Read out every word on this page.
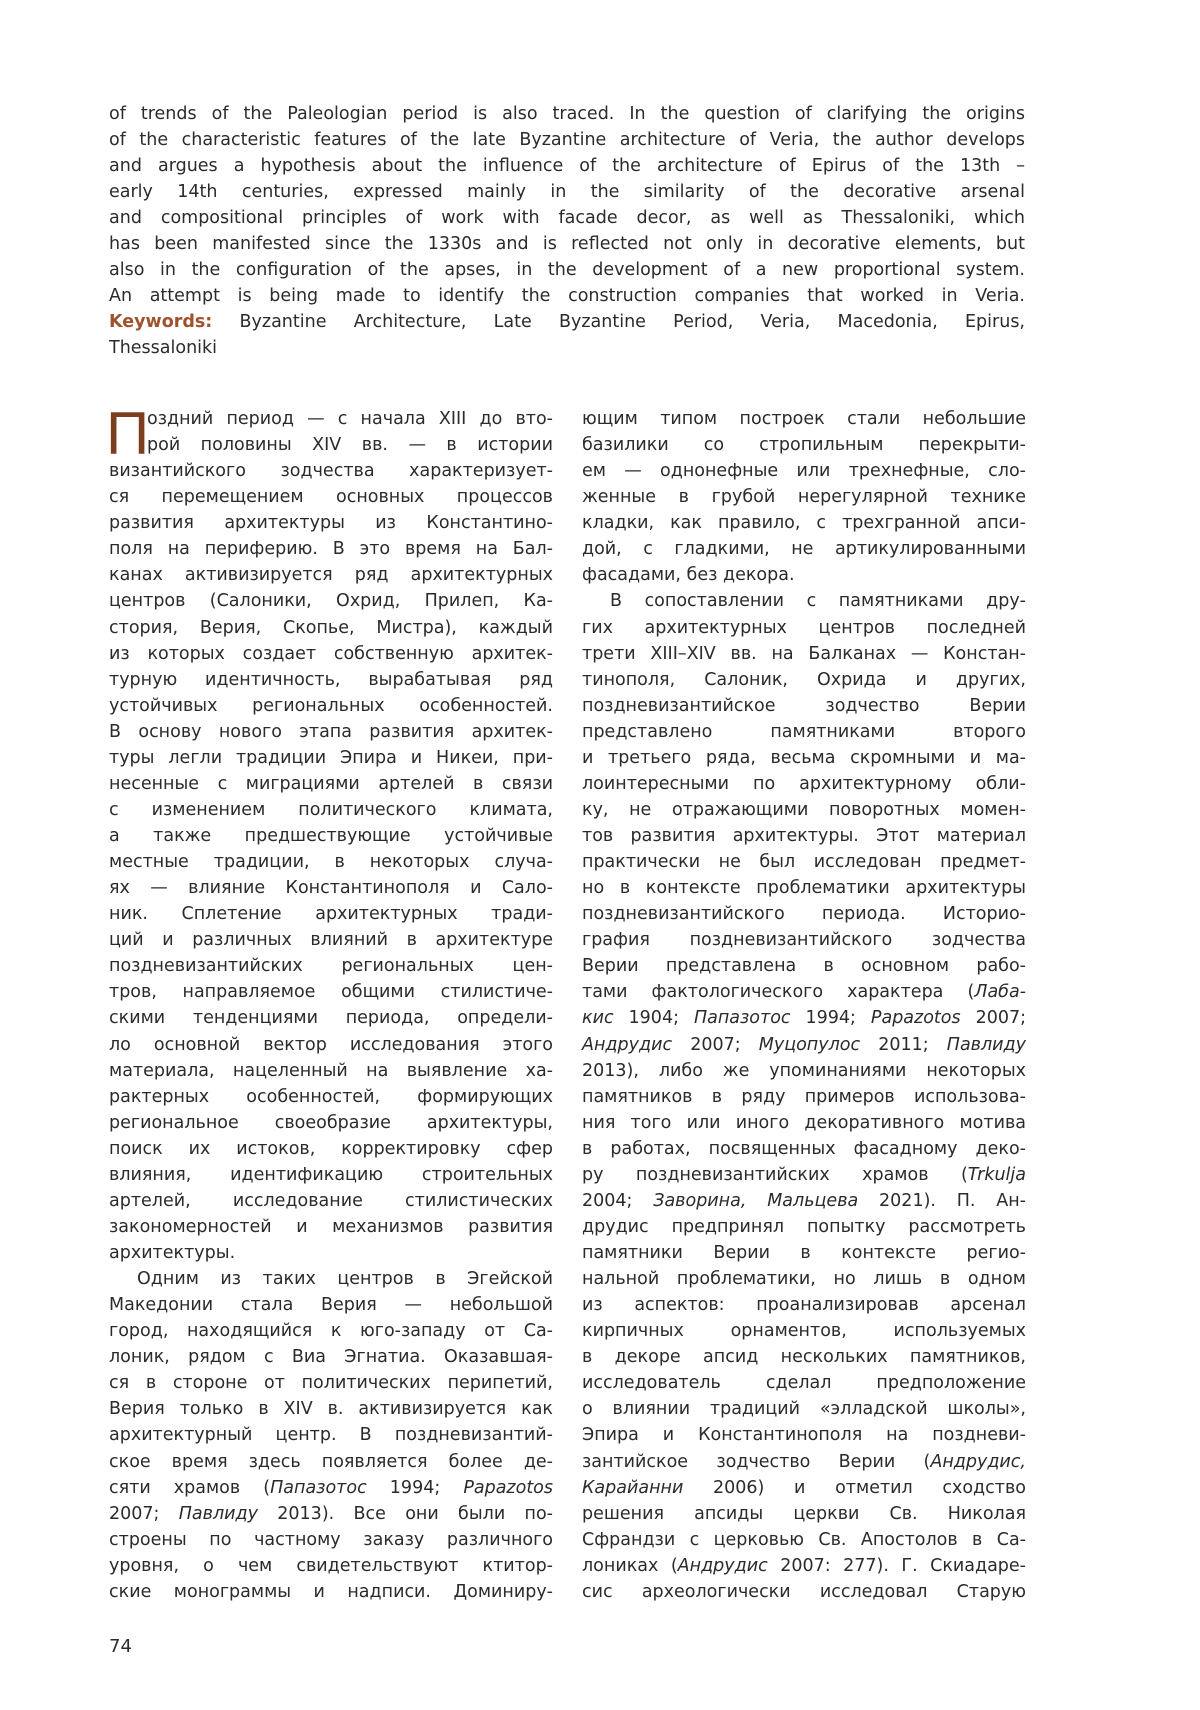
of trends of the Paleologian period is also traced. In the question of clarifying the origins
of the characteristic features of the late Byzantine architecture of Veria, the author develops
and argues a hypothesis about the influence of the architecture of Epirus of the 13th –
early 14th centuries, expressed mainly in the similarity of the decorative arsenal
and compositional principles of work with facade decor, as well as Thessaloniki, which
has been manifested since the 1330s and is reflected not only in decorative elements, but
also in the configuration of the apses, in the development of a new proportional system.
An attempt is being made to identify the construction companies that worked in Veria.
Keywords: Byzantine Architecture, Late Byzantine Period, Veria, Macedonia, Epirus,
Thessaloniki
П
оздний период — с начала XIII до вто-
рой половины XIV вв. — в истории
византийского зодчества характеризует-
ся перемещением основных процессов
развития архитектуры из Константино-
поля на периферию. В это время на Бал-
канах активизируется ряд архитектурных
центров (Салоники, Охрид, Прилеп, Ка-
стория, Верия, Скопье, Мистра), каждый
из которых создает собственную архитек-
турную идентичность, вырабатывая ряд
устойчивых региональных особенностей.
В основу нового этапа развития архитек-
туры легли традиции Эпира и Никеи, при-
несенные с миграциями артелей в связи
с изменением политического климата,
а также предшествующие устойчивые
местные традиции, в некоторых случа-
ях — влияние Константинополя и Сало-
ник. Сплетение архитектурных тради-
ций и различных влияний в архитектуре
поздневизантийских региональных цен-
тров, направляемое общими стилистиче-
скими тенденциями периода, определи-
ло основной вектор исследования этого
материала, нацеленный на выявление ха-
рактерных особенностей, формирующих
региональное своеобразие архитектуры,
поиск их истоков, корректировку сфер
влияния, идентификацию строительных
артелей, исследование стилистических
закономерностей и механизмов развития
архитектуры.
Одним из таких центров в Эгейской
Македонии стала Верия — небольшой
город, находящийся к юго-западу от Са-
лоник, рядом с Виа Эгнатиа. Оказавшая-
ся в стороне от политических перипетий,
Верия только в XIV в. активизируется как
архитектурный центр. В поздневизантий-
ское время здесь появляется более де-
сяти храмов (Папазотос 1994; Papazotos
2007; Павлиду 2013). Все они были по-
строены по частному заказу различного
уровня, о чем свидетельствуют ктитор-
ские монограммы и надписи. Доминиру-
ющим типом построек стали небольшие
базилики со стропильным перекрыти-
ем — однонефные или трехнефные, сло-
женные в грубой нерегулярной технике
кладки, как правило, с трехгранной апси-
дой, с гладкими, не артикулированными
фасадами, без декора.
В сопоставлении с памятниками дру-
гих архитектурных центров последней
трети XIII–XIV вв. на Балканах — Констан-
тинополя, Салоник, Охрида и других,
поздневизантийское зодчество Верии
представлено памятниками второго
и третьего ряда, весьма скромными и ма-
лоинтересными по архитектурному обли-
ку, не отражающими поворотных момен-
тов развития архитектуры. Этот материал
практически не был исследован предмет-
но в контексте проблематики архитектуры
поздневизантийского периода. Историо-
графия поздневизантийского зодчества
Верии представлена в основном рабо-
тами фактологического характера (Лаба-
кис 1904; Папазотос 1994; Papazotos 2007;
Андрудис 2007; Муцопулос 2011; Павлиду
2013), либо же упоминаниями некоторых
памятников в ряду примеров использова-
ния того или иного декоративного мотива
в работах, посвященных фасадному деко-
ру поздневизантийских храмов (Trkulja
2004; Заворина, Мальцева 2021). П. Ан-
друдис предпринял попытку рассмотреть
памятники Верии в контексте регио-
нальной проблематики, но лишь в одном
из аспектов: проанализировав арсенал
кирпичных орнаментов, используемых
в декоре апсид нескольких памятников,
исследователь сделал предположение
о влиянии традиций «элладской школы»,
Эпира и Константинополя на поздневи-
зантийское зодчество Верии (Андрудис,
Карайанни 2006) и отметил сходство
решения апсиды церкви Св. Николая
Сфрандзи с церковью Св. Апостолов в Са-
лониках (Андрудис 2007: 277). Г. Скиадаре-
сис археологически исследовал Старую
74
